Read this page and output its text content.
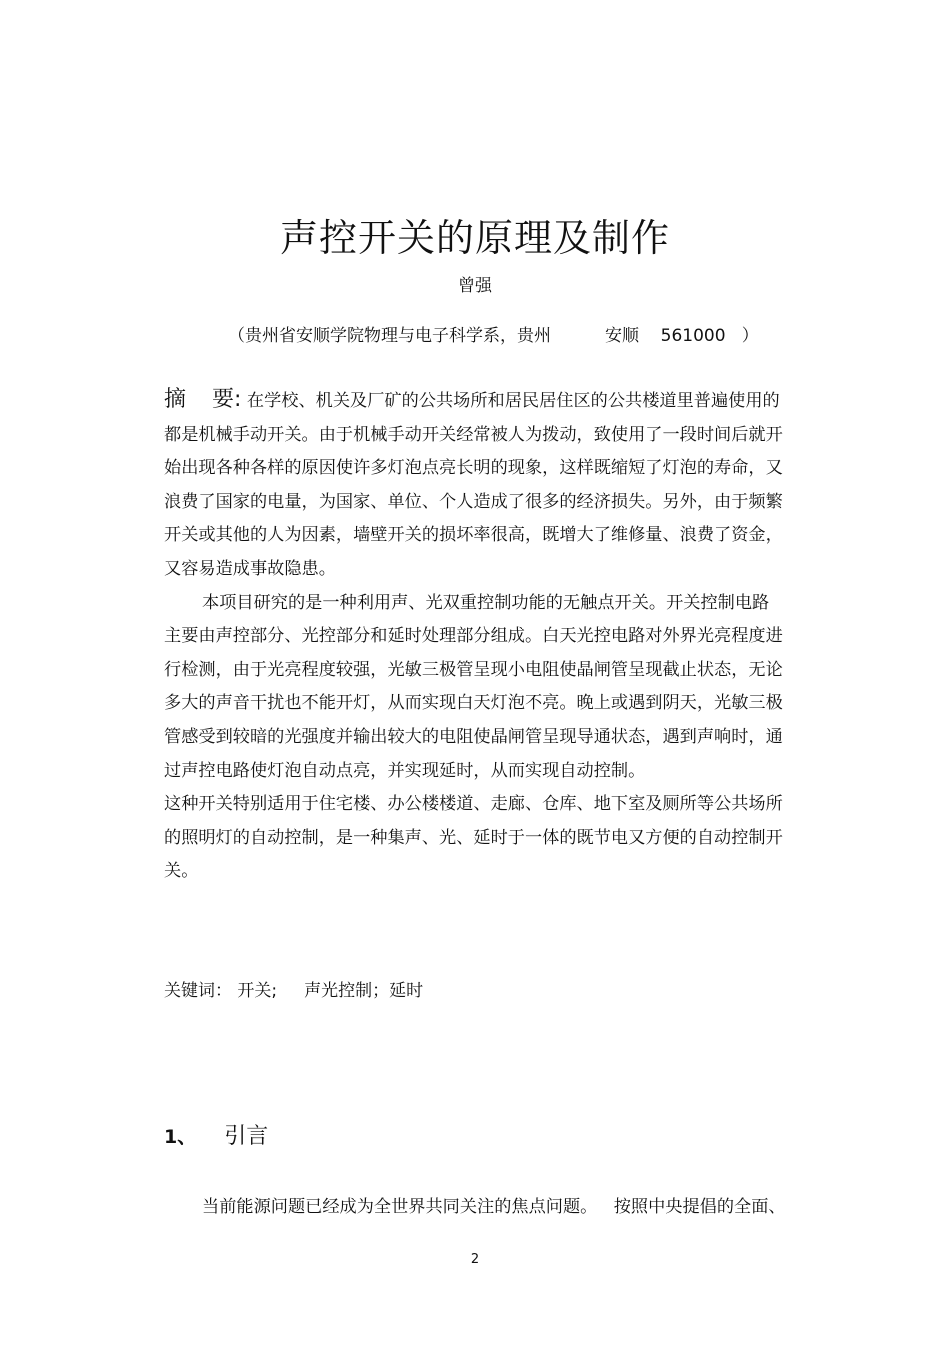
声控开关的原理及制作
曾强
（贵州省安顺学院物理与电子科学系，贵州          安顺    561000   ）

摘 要: 在学校、机关及厂矿的公共场所和居民居住区的公共楼道里普遍使用的都是机械手动开关。由于机械手动开关经常被人为拨动，致使用了一段时间后就开始出现各种各样的原因使许多灯泡点亮长明的现象，这样既缩短了灯泡的寿命，又浪费了国家的电量，为国家、单位、个人造成了很多的经济损失。另外，由于频繁开关或其他的人为因素，墙壁开关的损坏率很高，既增大了维修量、浪费了资金，又容易造成事故隐患。

本项目研究的是一种利用声、光双重控制功能的无触点开关。开关控制电路主要由声控部分、光控部分和延时处理部分组成。白天光控电路对外界光亮程度进行检测，由于光亮程度较强，光敏三极管呈现小电阻使晶闸管呈现截止状态，无论多大的声音干扰也不能开灯，从而实现白天灯泡不亮。晚上或遇到阴天，光敏三极管感受到较暗的光强度并输出较大的电阻使晶闸管呈现导通状态，遇到声响时，通过声控电路使灯泡自动点亮，并实现延时，从而实现自动控制。

这种开关特别适用于住宅楼、办公楼楼道、走廊、仓库、地下室及厕所等公共场所的照明灯的自动控制，是一种集声、光、延时于一体的既节电又方便的自动控制开关。

关键词： 开关;     声光控制；延时
1、 引言
当前能源问题已经成为全世界共同关注的焦点问题。   按照中央提倡的全面、
2
